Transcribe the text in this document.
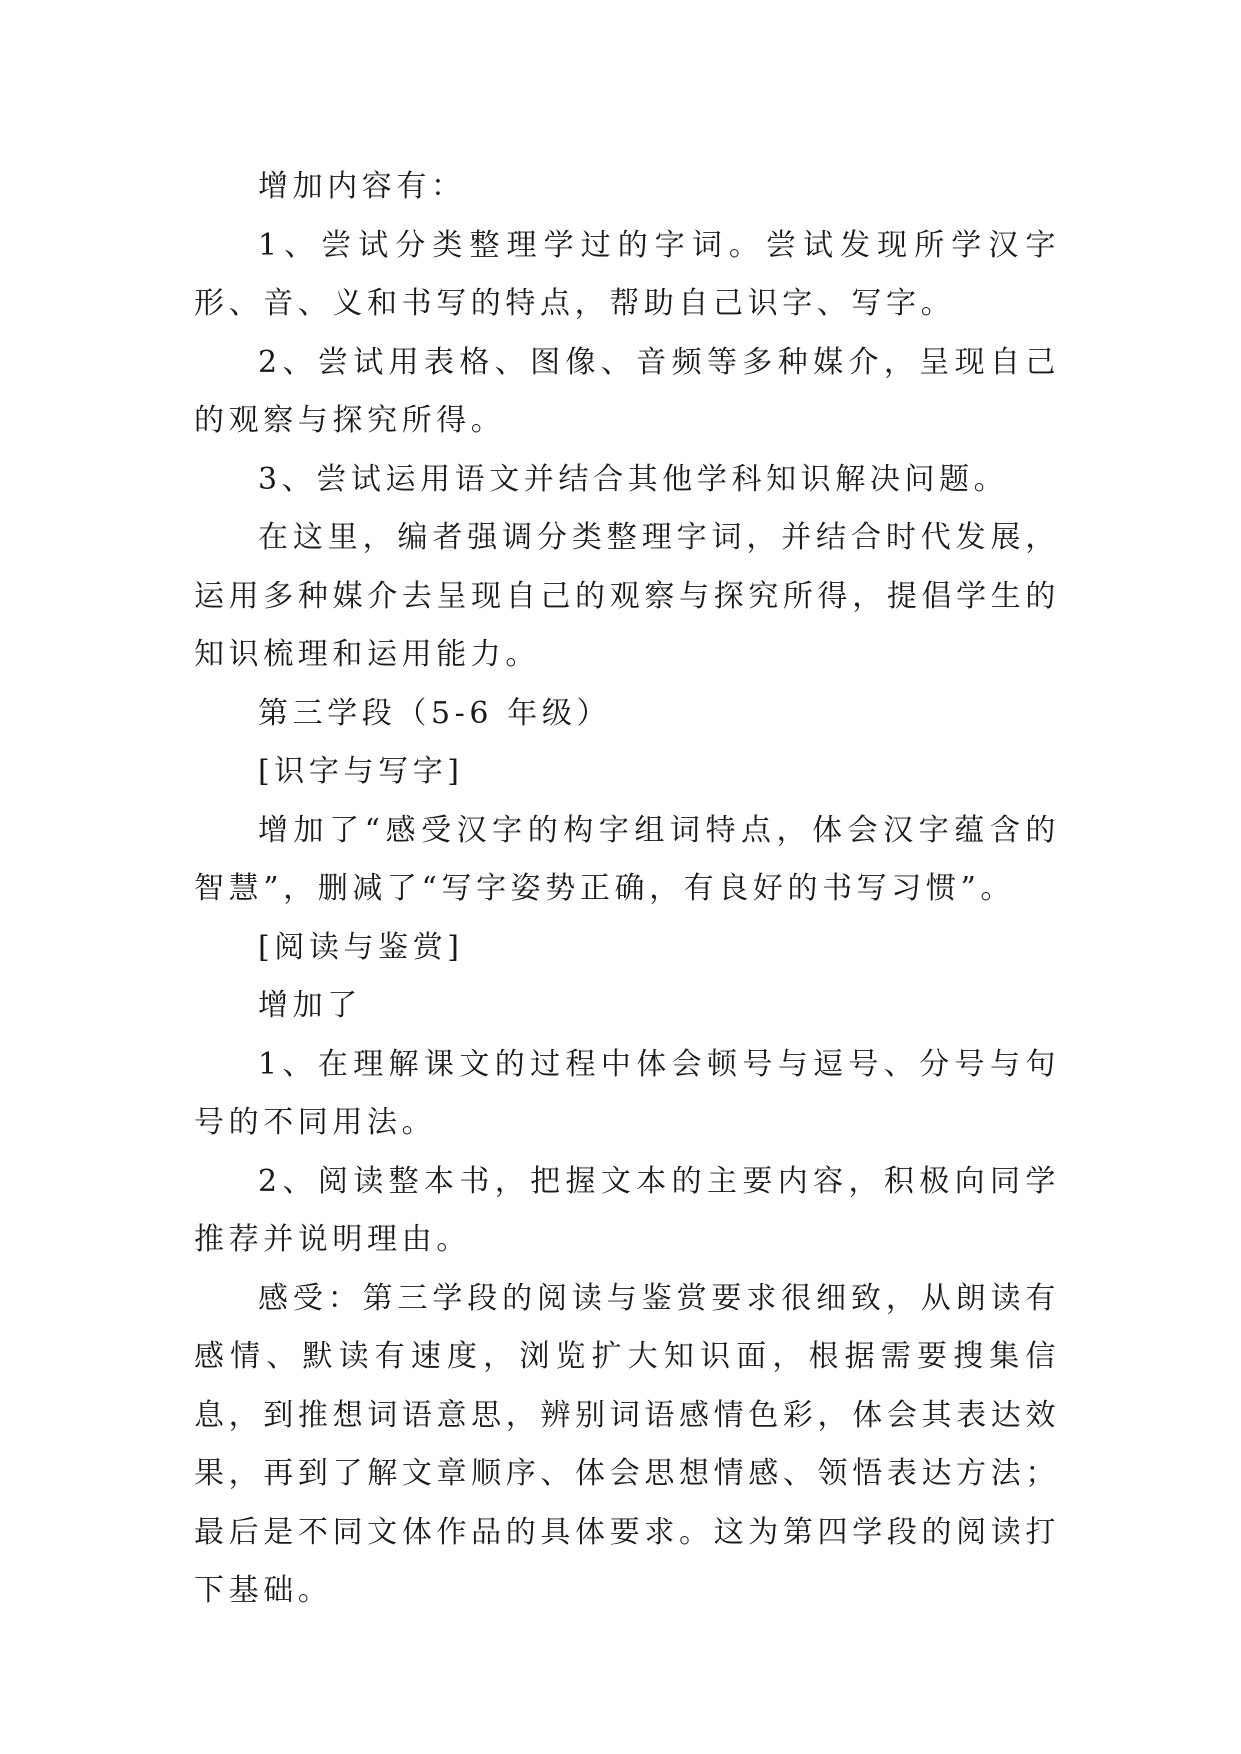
增加内容有：

1、尝试分类整理学过的字词。尝试发现所学汉字形、音、义和书写的特点，帮助自己识字、写字。

2、尝试用表格、图像、音频等多种媒介，呈现自己的观察与探究所得。

3、尝试运用语文并结合其他学科知识解决问题。

在这里，编者强调分类整理字词，并结合时代发展，运用多种媒介去呈现自己的观察与探究所得，提倡学生的知识梳理和运用能力。

第三学段（5-6 年级）

[识字与写字]

增加了“感受汉字的构字组词特点，体会汉字蕴含的智慧”，删减了“写字姿势正确，有良好的书写习惯”。

[阅读与鉴赏]

增加了

1、在理解课文的过程中体会顿号与逗号、分号与句号的不同用法。

2、阅读整本书，把握文本的主要内容，积极向同学推荐并说明理由。

感受：第三学段的阅读与鉴赏要求很细致，从朗读有感情、默读有速度，浏览扩大知识面，根据需要搜集信息，到推想词语意思，辨别词语感情色彩，体会其表达效果，再到了解文章顺序、体会思想情感、领悟表达方法；最后是不同文体作品的具体要求。这为第四学段的阅读打下基础。
